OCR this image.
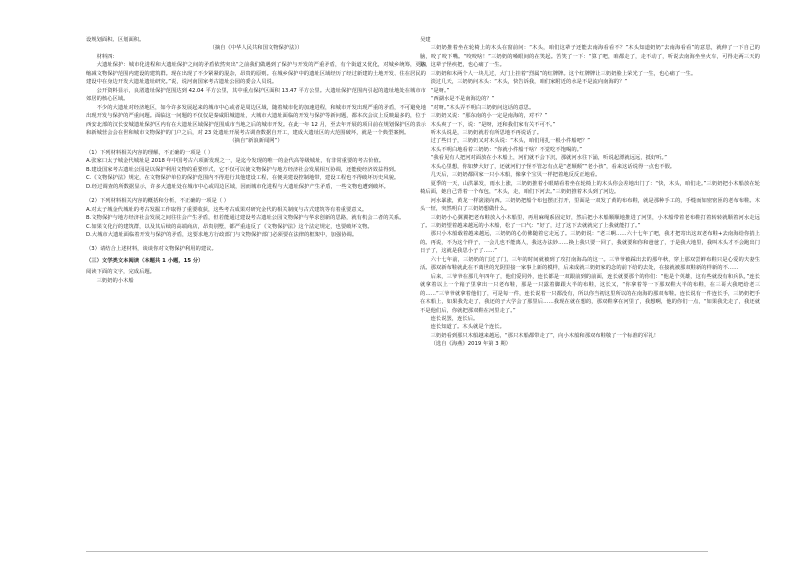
设规划面积、区划面积。

（摘自《中华人民共和国文物保护法》）

材料四：

大遗址保护：城市化进程和大遗址保护之间的矛盾依然突出“之前我们做遇到了保护与开发的严重矛盾，有个街道又优化，对城乡统筹，更加缩减文物保护范围内建设的建筑群。现在出现了不少紧紧的混杂，昂贵的原则。在城乡保护中的遗址区域经历了经过新建的土地开发、住在居民的建设中在身边开发大遗址遗址研究。”说，说河南国家考古遗址公园的委会人员说。

公开资料显示，良渚遗址保护范围达到 42.04 平方公里，其中重点保护区面积 13.47 平方公里。大遗址保护范围内引起的遗址地处在城市市郊居的核心区域。

不少的大遗址对经济地区，如今许多发展起来的城市中心或者是周边区域，随着城市化的加速进程，和城市开发出现严重的矛盾，不可避免地出现开发与保护的严重问题。面临这一问题的不仅仅是秦咸阳城遗址，大城市大遗址面临的开发与保护等新问题，都本次会议上反映最多的，位于西安北部的汉长安城遗址保护区内有在大遗址区域保护范围成市当地之后的城市开发。在此一年 12 月，至去年开展的项目前在规划保护区的表示和新城营会会在世和城市文物保护的门户之后，对 23 处遗址开展考古调查数据自开工，建成大遗址区的大范围破坏，就是一个典型案例。

（摘自“新浪新闻网”）

（1）下列材料相关内容的理解，不正确的一项是（ ）

A.张家口太子城金代城址是 2018 年中国考古六项新发现之一，是迄今发现的唯一的金代高等级城址，有非常重要的考古价值。

B.建设国家考古遗址公园是以保护利用文物的重要形式，它不仅可以使文物保护与地方经济社会发展相互协调，还能使经济效益得到。

C.《文物保护法》规定，在文物保护单位的保护范围内不得进行其他建设工程，在便美建设控制地带，建设工程也不得破坏历史风貌。

D.经过调查的所数据显示，许多大遗址处在城市中心或周边区域，因而城市化进程与大遗址保护产生矛盾，一些文物也遭到破坏。

（2）下列材料相关内容的概括和分析，不正确的一项是（ ）

A.对太子城金代城址的考古发掘工作取得了重要收获，这些考古成果对研究金代的相关制度与古式建筑等有着重要意义。

B.文物保护与地方经济社会发展之间往往会产生矛盾，但若能通过建设考古遗址公园文物保护与华求创新的思路，就有机会二者的关系。

C.如果文化行的建筑群，以及其后续的高端商店，昂贵别墅，都严重违反了《文物保护法》这个法定规定，也要破坏文物。

D.大城市大遗址面临着开发与保护的矛盾，这要求地方行政部门与文物保护部门必须要在法律的框架中，加强协调。

（3）请结合上述材料，谈谈你对文物保护利用的建议。

（三）文学类文本阅读（本题共 1 小题，15 分）

阅读下面的文字，完成后题。

三奶奶的小木船

吴建

三奶奶推着坐在轮椅上的木头在窗前问：“木头，咱们这辈子还能去南海看看不？”木头知道奶奶“去南海看看”的意思，就伸了一下自己的脑，咬了咬下嘴。“咬咬啥！”三奶奶的嗓眼间的在笑起。苦笑了一下：“算了吧，咱都走了，走不动了，听说去南海坐坐火车，可得走两三天的路，这辈子怪疾把，也心痛了一生。

三奶奶和木两个人一块儿过，大门上挂着“烈属”的红牌牌。这个红牌牌让三奶奶脸上荣光了一生，也心痛了一生。

淡过几天，三奶奶问木头：“木头，快告诉我，咱们家附近的水是不是流向南海的？”

“是呀。”

“西湖水是不是南海边的？”

“对呀。”木头弄不明白三奶奶问这话的意思。

三奶奶又说：“那东南的小一定是南海的，对不？”

木头爽了一下，说：“是呀，还和我们家有关不可不。”

听木头说是，三奶奶就若有所思地不再说话了。

过了些日子，三奶奶又对木头说：“木头，咱们用扎一根小件船吧？”

木头不明白地看着三奶奶：“你就小件船干啥？不觉吃不饱喝的。”

“我看见有人把河对面放在小木船上，河们就不会下沉，那就河水往下涌，听说起漂就远远，抵好听。”

木头心里想，你如梦大好了，还就河们子怪不管怎有点是“老颠颠”“老小孩”，看来这话说得一点也不假。

几天后，三奶奶都回家一只小木船，像拿个宝贝一样把着地反反正地看。

夏季的一天，山洪暴发，雨水上涨，三奶奶推着小眼睛看着坐在轮椅上的木头你会差地出门了：“快，木头，咱们走。”三奶奶把小木船放在轮椅后面，她自己背着一个布包，“木头，走，咱们下河去。”三奶奶推着木头到了河边。

河水暴涨，黄龙一样滚滚向西。三奶奶把船个布包摆正打开，里面是一双发了黄的布布鞋，就是那种手工的，手缝而如密密匝的老布布鞋。木头一怔，突然明白了三奶奶想做什么。

三奶奶小心翼翼把老布鞋放入小木船里，再用麻绳系固定好，然后把小木船顺顺地推进了河里，小木船带着老布鞋打着转转就顺着河水走远了。三奶奶望着越来越远的小木船，松了一口气：“好了，过了这下去就就完了上我就能打了。”

那只小木船载着越来越远，三奶奶的心仿佛随着它走远了。三奶奶说：“老三啊……六十七年了吧，我才把寄出这双老布鞋+去南海给你捎上的。再说，不为这个样子，一会儿也不能离人，我这办法妙……换上我只要一回了，我就要和你和爸爸了，于是我大地里，我叫木头才不会跑出门日子了，这就是我思小子了……”

六十七年前，三奶奶的门过了门，三年的时间就被到了攻打南海岛的这一。三爷爷被踩出去的那年秋，穿上那双尝鲜布鞋只是心爱的夫妻生活。那双新布鞋就此在不离世的光阴里接一家事上新的模样，后来成就三奶奶家的念的前下给的去处，在接就被那双鞋新的样新的不……

后来，三爷爷在那几年四年了，他们爱同外，连长都是一双跟前到的前面，连长就要那个的你们：“他是个英雄，这有些就没有和兵队，”连长就拿着以上一个箱子里拿出一只老布鞋，那是一只露着脚跟大半的布鞋，这长又，“你拿着等一下那双鞋大半的布鞋，在三哥大我吧给老三的……”三爷爷就拿着他们了，可是每一件，连长说着一只都没有，所以你当初这里所以的在南海的那双布鞋。连长说有一件连长手，三奶奶把手在木船上，如果我先走了，我还的子大学会了那里后……我现在就在想的，那双鞋拿在河里了，我想啊，他的你们一点，“如果我先走了，我还就不是他们后，你就把那双鞋在河里走了。”

连长说罢，连长后。

连长知道了。木头就是个连长。

三奶奶看到那只木船越来越远，“那只木船都带走了”，向小木船和那双布鞋敬了一个标准的军礼！

（选自《海燕》2019 年第 3 期）
